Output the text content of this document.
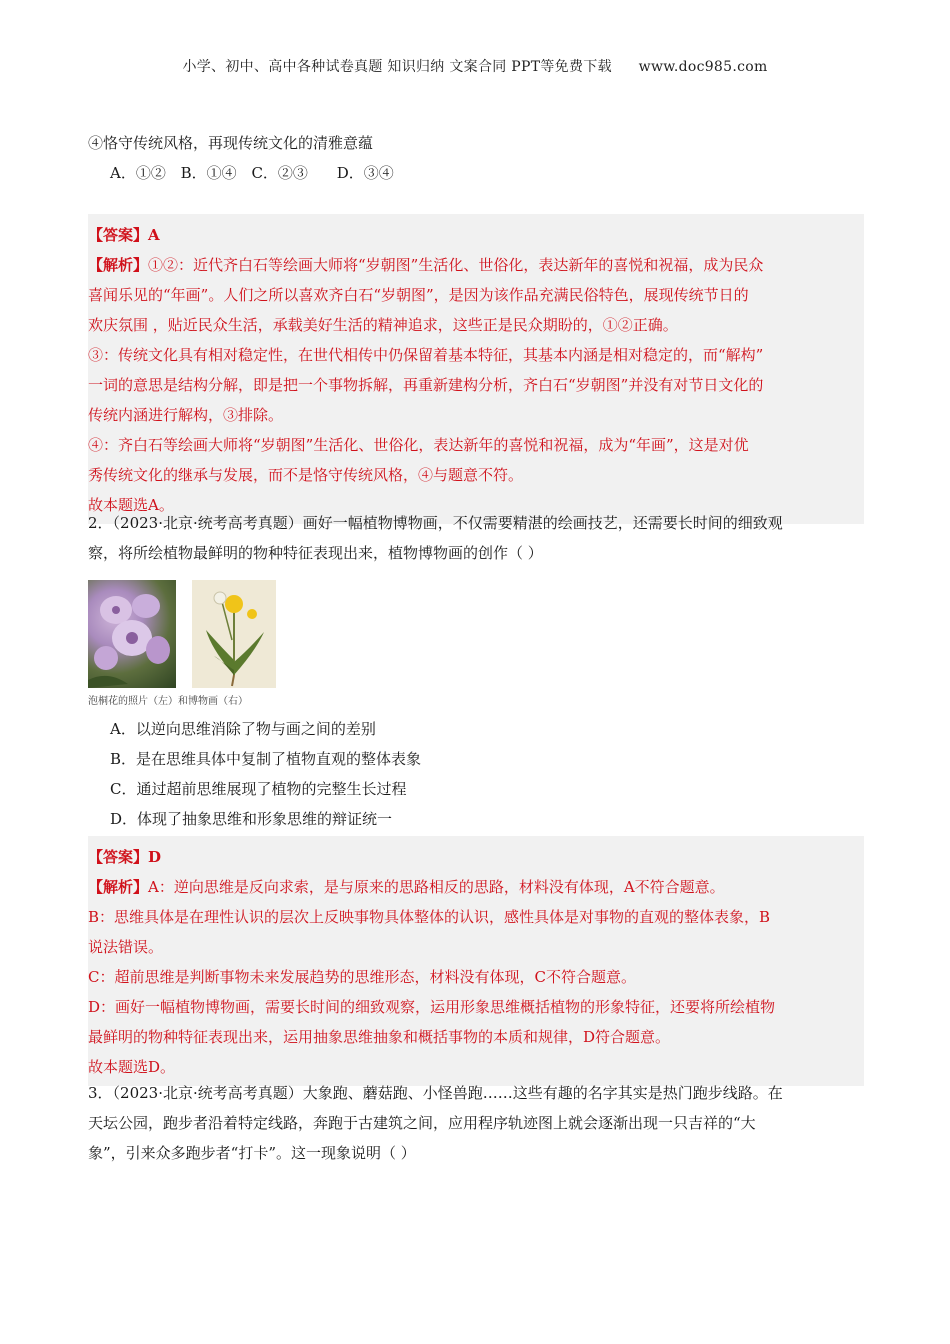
小学、初中、高中各种试卷真题 知识归纳 文案合同 PPT等免费下载 www.doc985.com
④恪守传统风格，再现传统文化的清雅意蕴
A．①② B．①④ C．②③ D．③④
【答案】A
【解析】①②：近代齐白石等绘画大师将“岁朝图”生活化、世俗化，表达新年的喜悦和祝福，成为民众
喜闻乐见的“年画”。人们之所以喜欢齐白石“岁朝图”，是因为该作品充满民俗特色，展现传统节日的
欢庆氛围 ，贴近民众生活，承载美好生活的精神追求，这些正是民众期盼的，①②正确。
③：传统文化具有相对稳定性，在世代相传中仍保留着基本特征，其基本内涵是相对稳定的，而“解构”
一词的意思是结构分解，即是把一个事物拆解，再重新建构分析，齐白石“岁朝图”并没有对节日文化的
传统内涵进行解构，③排除。
④：齐白石等绘画大师将“岁朝图”生活化、世俗化，表达新年的喜悦和祝福，成为“年画”，这是对优
秀传统文化的继承与发展，而不是恪守传统风格，④与题意不符。
故本题选A。
2．（2023·北京·统考高考真题）画好一幅植物博物画，不仅需要精湛的绘画技艺，还需要长时间的细致观
察，将所绘植物最鲜明的物种特征表现出来，植物博物画的创作（ ）
泡桐花的照片（左）和博物画（右）
A．以逆向思维消除了物与画之间的差别
B．是在思维具体中复制了植物直观的整体表象
C．通过超前思维展现了植物的完整生长过程
D．体现了抽象思维和形象思维的辩证统一
【答案】D
【解析】A：逆向思维是反向求索，是与原来的思路相反的思路，材料没有体现，A不符合题意。
B：思维具体是在理性认识的层次上反映事物具体整体的认识，感性具体是对事物的直观的整体表象，B
说法错误。
C：超前思维是判断事物未来发展趋势的思维形态，材料没有体现，C不符合题意。
D：画好一幅植物博物画，需要长时间的细致观察，运用形象思维概括植物的形象特征，还要将所绘植物
最鲜明的物种特征表现出来，运用抽象思维抽象和概括事物的本质和规律，D符合题意。
故本题选D。
3．（2023·北京·统考高考真题）大象跑、蘑菇跑、小怪兽跑……这些有趣的名字其实是热门跑步线路。在
天坛公园，跑步者沿着特定线路，奔跑于古建筑之间，应用程序轨迹图上就会逐渐出现一只吉祥的“大
象”，引来众多跑步者“打卡”。这一现象说明（ ）
